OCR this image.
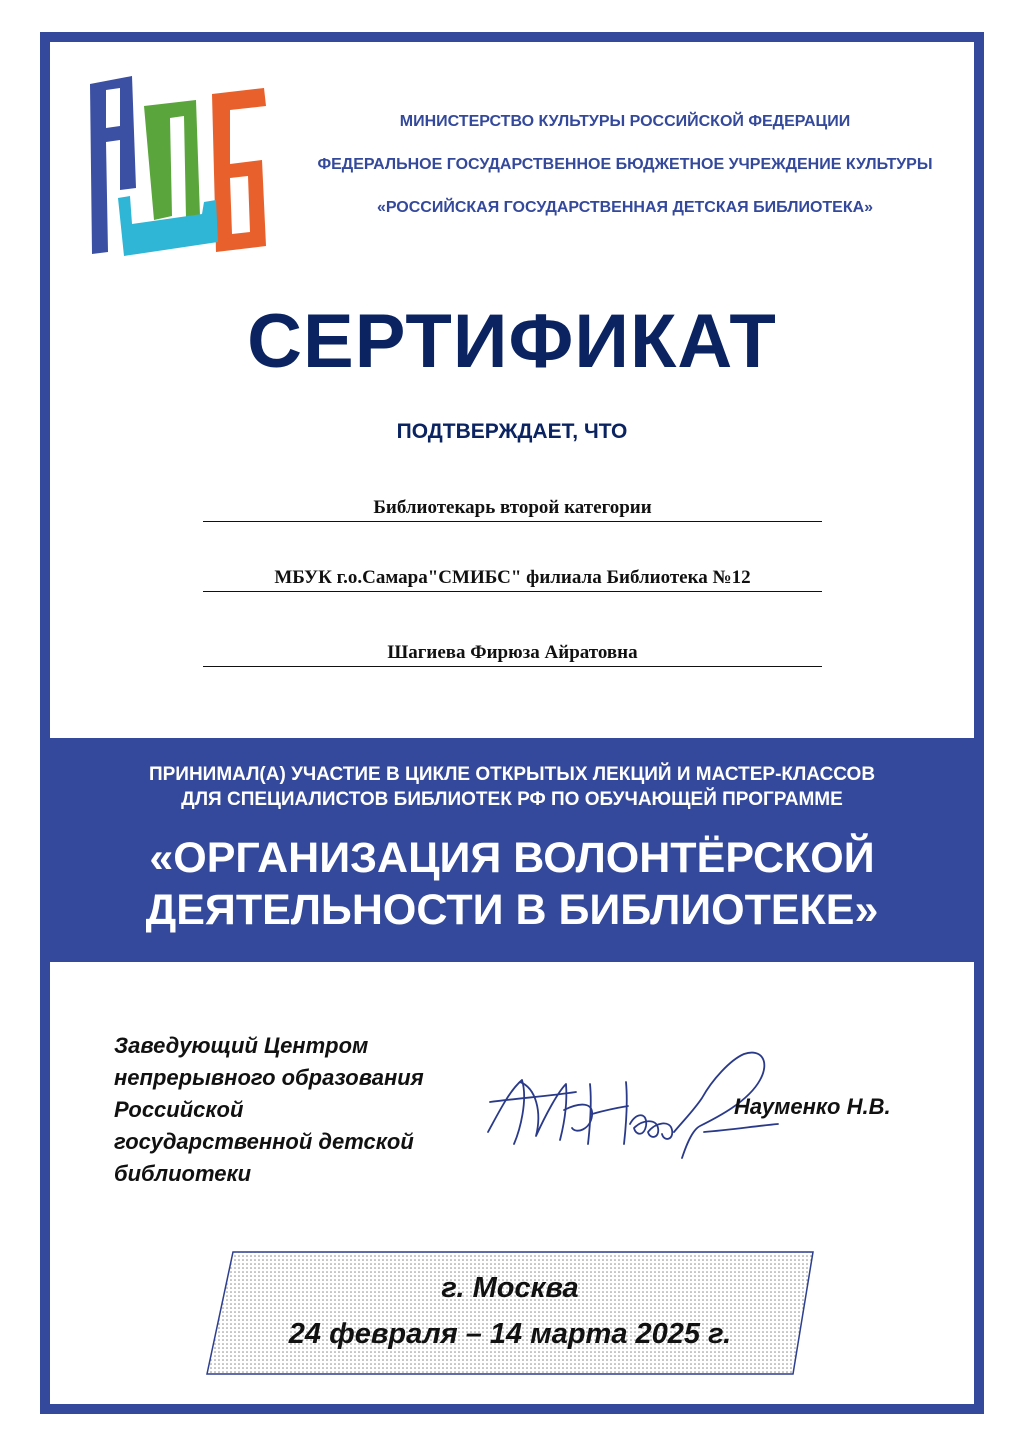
МИНИСТЕРСТВО КУЛЬТУРЫ РОССИЙСКОЙ ФЕДЕРАЦИИ
ФЕДЕРАЛЬНОЕ ГОСУДАРСТВЕННОЕ БЮДЖЕТНОЕ УЧРЕЖДЕНИЕ КУЛЬТУРЫ
«РОССИЙСКАЯ ГОСУДАРСТВЕННАЯ ДЕТСКАЯ БИБЛИОТЕКА»
СЕРТИФИКАТ
ПОДТВЕРЖДАЕТ, ЧТО
Библиотекарь второй категории
МБУК г.о.Самара"СМИБС" филиала Библиотека №12
Шагиева Фирюза Айратовна
ПРИНИМАЛ(А) УЧАСТИЕ В ЦИКЛЕ ОТКРЫТЫХ ЛЕКЦИЙ И МАСТЕР-КЛАССОВ
ДЛЯ СПЕЦИАЛИСТОВ БИБЛИОТЕК РФ ПО ОБУЧАЮЩЕЙ ПРОГРАММЕ
«ОРГАНИЗАЦИЯ ВОЛОНТЁРСКОЙ
ДЕЯТЕЛЬНОСТИ В БИБЛИОТЕКЕ»
Заведующий Центром
непрерывного образования
Российской
государственной детской
библиотеки
Науменко Н.В.
г. Москва
24 февраля – 14 марта 2025 г.
